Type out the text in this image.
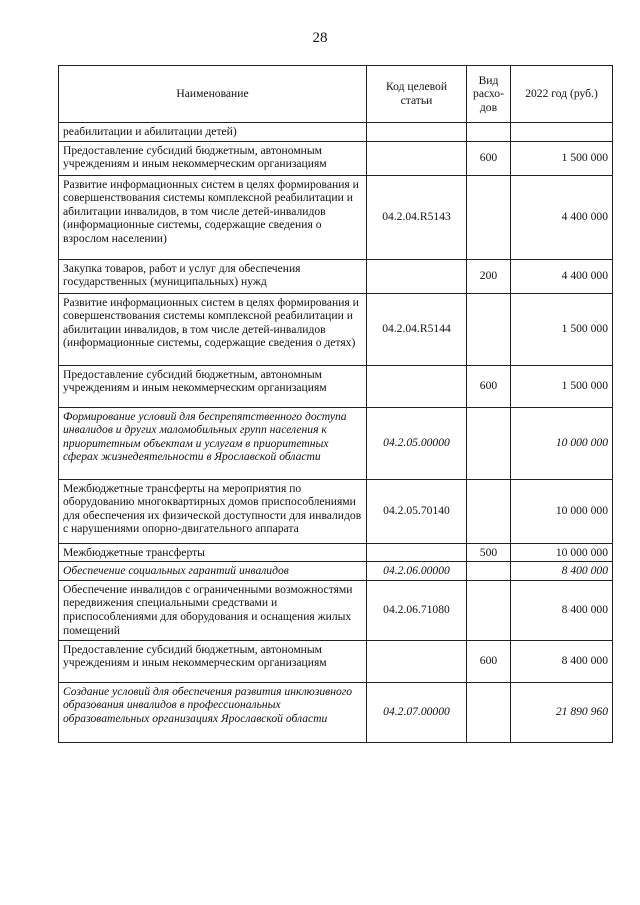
28
Наименование	Код целевой статьи	Вид расхо-дов	2022 год (руб.)
реабилитации и абилитации детей)			
Предоставление субсидий бюджетным, автономным учреждениям и иным некоммерческим организациям		600	1 500 000
Развитие информационных систем в целях формирования и совершенствования системы комплексной реабилитации и абилитации инвалидов, в том числе детей-инвалидов (информационные системы, содержащие сведения о взрослом населении)	04.2.04.R5143		4 400 000
Закупка товаров, работ и услуг для обеспечения государственных (муниципальных) нужд		200	4 400 000
Развитие информационных систем в целях формирования и совершенствования системы комплексной реабилитации и абилитации инвалидов, в том числе детей-инвалидов (информационные системы, содержащие сведения о детях)	04.2.04.R5144		1 500 000
Предоставление субсидий бюджетным, автономным учреждениям и иным некоммерческим организациям		600	1 500 000
Формирование условий для беспрепятственного доступа инвалидов и других маломобильных групп населения к приоритетным объектам и услугам в приоритетных сферах жизнедеятельности в Ярославской области	04.2.05.00000		10 000 000
Межбюджетные трансферты на мероприятия по оборудованию многоквартирных домов приспособлениями для обеспечения их физической доступности для инвалидов с нарушениями опорно-двигательного аппарата	04.2.05.70140		10 000 000
Межбюджетные трансферты		500	10 000 000
Обеспечение социальных гарантий инвалидов	04.2.06.00000		8 400 000
Обеспечение инвалидов с ограниченными возможностями передвижения специальными средствами и приспособлениями для оборудования и оснащения жилых помещений	04.2.06.71080		8 400 000
Предоставление субсидий бюджетным, автономным учреждениям и иным некоммерческим организациям		600	8 400 000
Создание условий для обеспечения развития инклюзивного образования инвалидов в профессиональных образовательных организациях Ярославской области	04.2.07.00000		21 890 960
